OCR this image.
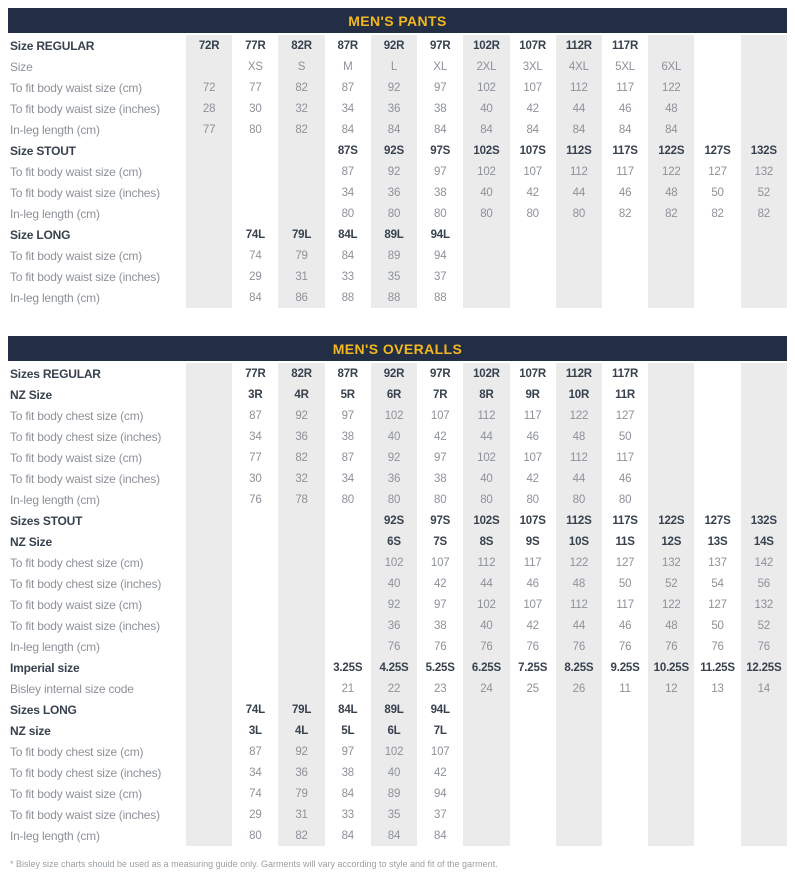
MEN'S PANTS
Size REGULAR	72R	77R	82R	87R	92R	97R	102R	107R	112R	117R			
Size		XS	S	M	L	XL	2XL	3XL	4XL	5XL	6XL		
To fit body waist size (cm)	72	77	82	87	92	97	102	107	112	117	122		
To fit body waist size (inches)	28	30	32	34	36	38	40	42	44	46	48		
In-leg length (cm)	77	80	82	84	84	84	84	84	84	84	84		
Size STOUT				87S	92S	97S	102S	107S	112S	117S	122S	127S	132S
To fit body waist size (cm)				87	92	97	102	107	112	117	122	127	132
To fit body waist size (inches)				34	36	38	40	42	44	46	48	50	52
In-leg length (cm)				80	80	80	80	80	80	82	82	82	82
Size LONG		74L	79L	84L	89L	94L							
To fit body waist size (cm)		74	79	84	89	94							
To fit body waist size (inches)		29	31	33	35	37							
In-leg length (cm)		84	86	88	88	88							
MEN'S OVERALLS
Sizes REGULAR		77R	82R	87R	92R	97R	102R	107R	112R	117R			
NZ Size		3R	4R	5R	6R	7R	8R	9R	10R	11R			
To fit body chest size (cm)		87	92	97	102	107	112	117	122	127			
To fit body chest size (inches)		34	36	38	40	42	44	46	48	50			
To fit body waist size (cm)		77	82	87	92	97	102	107	112	117			
To fit body waist size (inches)		30	32	34	36	38	40	42	44	46			
In-leg length (cm)		76	78	80	80	80	80	80	80	80			
Sizes STOUT					92S	97S	102S	107S	112S	117S	122S	127S	132S
NZ Size					6S	7S	8S	9S	10S	11S	12S	13S	14S
To fit body chest size (cm)					102	107	112	117	122	127	132	137	142
To fit body chest size (inches)					40	42	44	46	48	50	52	54	56
To fit body waist size (cm)					92	97	102	107	112	117	122	127	132
To fit body waist size (inches)					36	38	40	42	44	46	48	50	52
In-leg length (cm)					76	76	76	76	76	76	76	76	76
Imperial size				3.25S	4.25S	5.25S	6.25S	7.25S	8.25S	9.25S	10.25S	11.25S	12.25S
Bisley internal size code				21	22	23	24	25	26	11	12	13	14
Sizes LONG		74L	79L	84L	89L	94L							
NZ size		3L	4L	5L	6L	7L							
To fit body chest size (cm)		87	92	97	102	107							
To fit body chest size (inches)		34	36	38	40	42							
To fit body waist size (cm)		74	79	84	89	94							
To fit body waist size (inches)		29	31	33	35	37							
In-leg length (cm)		80	82	84	84	84							

* Bisley size charts should be used as a measuring guide only. Garments will vary according to style and fit of the garment.
